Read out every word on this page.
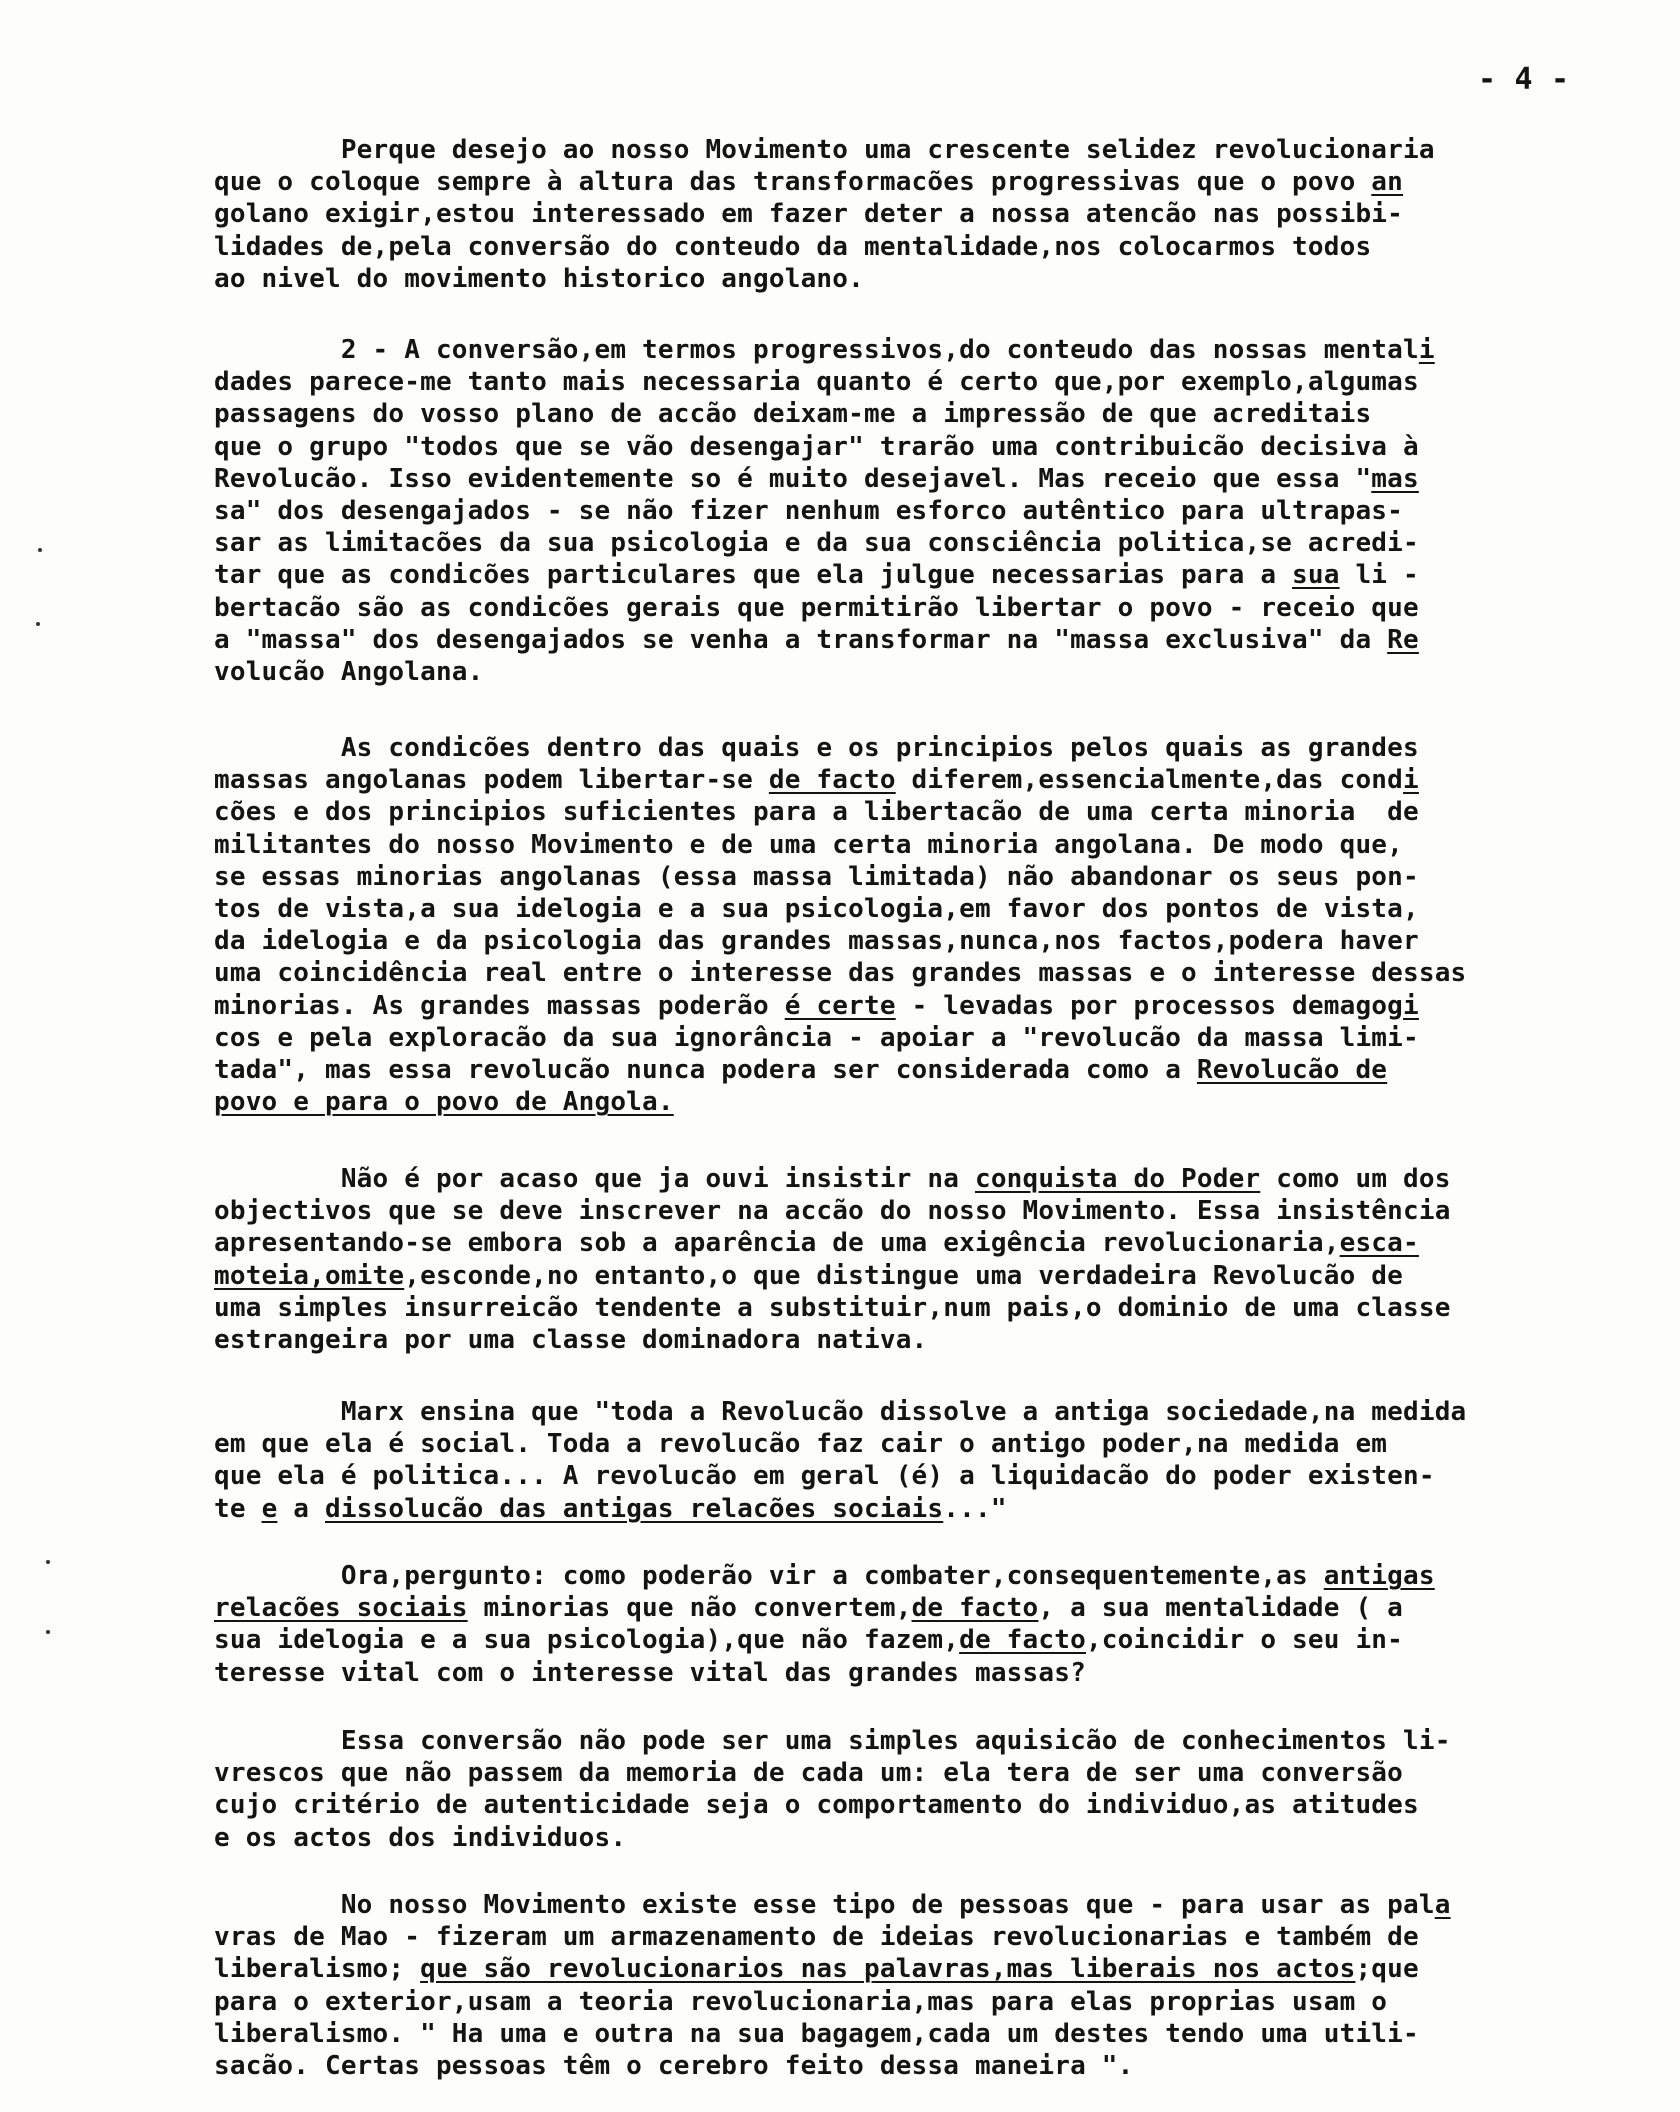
- 4 -
Perque desejo ao nosso Movimento uma crescente selidez revolucionaria
que o coloque sempre à altura das transformacões progressivas que o povo an
golano exigir,estou interessado em fazer deter a nossa atencão nas possibi-
lidades de,pela conversão do conteudo da mentalidade,nos colocarmos todos
ao nivel do movimento historico angolano.
2 - A conversão,em termos progressivos,do conteudo das nossas mentali
dades parece-me tanto mais necessaria quanto é certo que,por exemplo,algumas
passagens do vosso plano de accão deixam-me a impressão de que acreditais
que o grupo "todos que se vão desengajar" trarão uma contribuicão decisiva à
Revolucão. Isso evidentemente so é muito desejavel. Mas receio que essa "mas
sa" dos desengajados - se não fizer nenhum esforco autêntico para ultrapas-
sar as limitacões da sua psicologia e da sua consciência politica,se acredi-
tar que as condicões particulares que ela julgue necessarias para a sua li -
bertacão são as condicões gerais que permitirão libertar o povo - receio que
a "massa" dos desengajados se venha a transformar na "massa exclusiva" da Re
volucão Angolana.
As condicões dentro das quais e os principios pelos quais as grandes
massas angolanas podem libertar-se de facto diferem,essencialmente,das condi
cões e dos principios suficientes para a libertacão de uma certa minoria  de
militantes do nosso Movimento e de uma certa minoria angolana. De modo que,
se essas minorias angolanas (essa massa limitada) não abandonar os seus pon-
tos de vista,a sua idelogia e a sua psicologia,em favor dos pontos de vista,
da idelogia e da psicologia das grandes massas,nunca,nos factos,podera haver
uma coincidência real entre o interesse das grandes massas e o interesse dessas
minorias. As grandes massas poderão é certe - levadas por processos demagogi
cos e pela exploracão da sua ignorância - apoiar a "revolucão da massa limi-
tada", mas essa revolucão nunca podera ser considerada como a Revolucão de
povo e para o povo de Angola.
Não é por acaso que ja ouvi insistir na conquista do Poder como um dos
objectivos que se deve inscrever na accão do nosso Movimento. Essa insistência
apresentando-se embora sob a aparência de uma exigência revolucionaria,esca-
moteia,omite,esconde,no entanto,o que distingue uma verdadeira Revolucão de
uma simples insurreicão tendente a substituir,num pais,o dominio de uma classe
estrangeira por uma classe dominadora nativa.
Marx ensina que "toda a Revolucão dissolve a antiga sociedade,na medida
em que ela é social. Toda a revolucão faz cair o antigo poder,na medida em
que ela é politica... A revolucão em geral (é) a liquidacão do poder existen-
te e a dissolucão das antigas relacões sociais..."
Ora,pergunto: como poderão vir a combater,consequentemente,as antigas
relacões sociais minorias que não convertem,de facto, a sua mentalidade ( a
sua idelogia e a sua psicologia),que não fazem,de facto,coincidir o seu in-
teresse vital com o interesse vital das grandes massas?
Essa conversão não pode ser uma simples aquisicão de conhecimentos li-
vrescos que não passem da memoria de cada um: ela tera de ser uma conversão
cujo critério de autenticidade seja o comportamento do individuo,as atitudes
e os actos dos individuos.
No nosso Movimento existe esse tipo de pessoas que - para usar as pala
vras de Mao - fizeram um armazenamento de ideias revolucionarias e também de
liberalismo; que são revolucionarios nas palavras,mas liberais nos actos;que
para o exterior,usam a teoria revolucionaria,mas para elas proprias usam o
liberalismo. " Ha uma e outra na sua bagagem,cada um destes tendo uma utili-
sacão. Certas pessoas têm o cerebro feito dessa maneira ".
